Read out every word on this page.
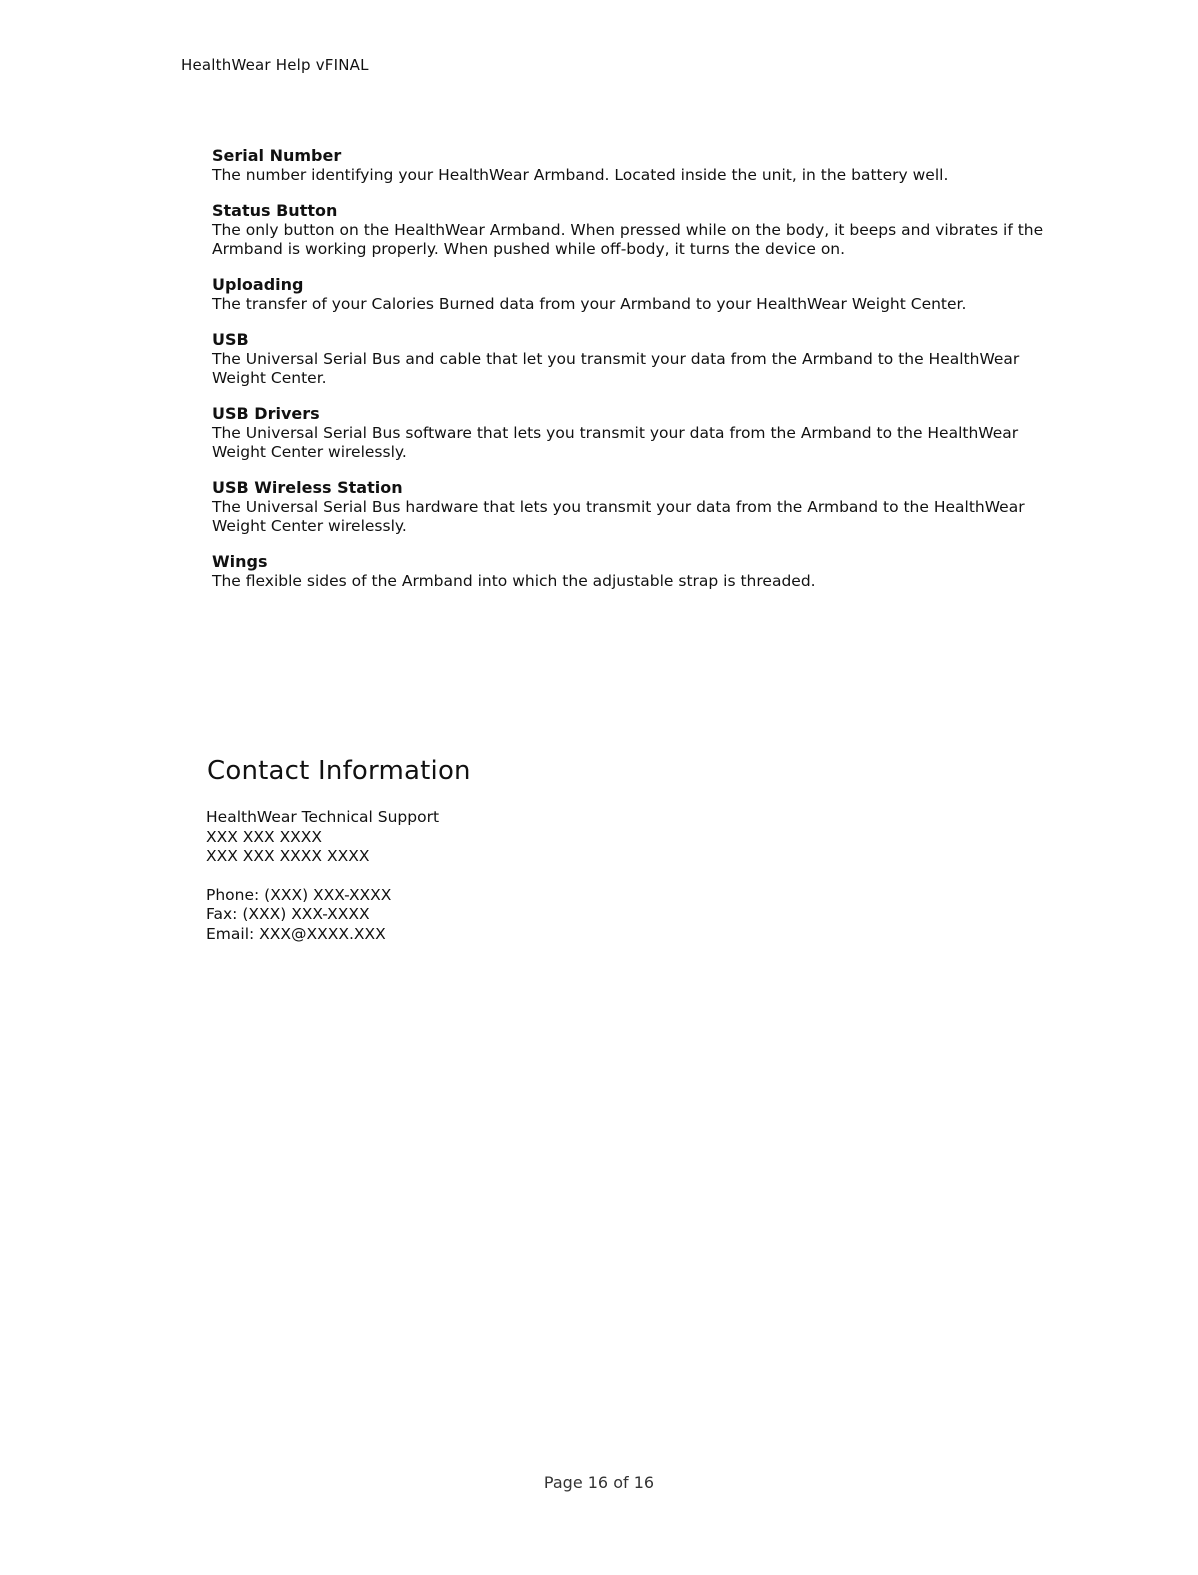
HealthWear Help vFINAL
Serial Number
The number identifying your HealthWear Armband. Located inside the unit, in the battery well.
Status Button
The only button on the HealthWear Armband. When pressed while on the body, it beeps and vibrates if the Armband is working properly. When pushed while off-body, it turns the device on.
Uploading
The transfer of your Calories Burned data from your Armband to your HealthWear Weight Center.
USB
The Universal Serial Bus and cable that let you transmit your data from the Armband to the HealthWear Weight Center.
USB Drivers
The Universal Serial Bus software that lets you transmit your data from the Armband to the HealthWear Weight Center wirelessly.
USB Wireless Station
The Universal Serial Bus hardware that lets you transmit your data from the Armband to the HealthWear Weight Center wirelessly.
Wings
The flexible sides of the Armband into which the adjustable strap is threaded.
Contact Information
HealthWear Technical Support
XXX XXX XXXX
XXX XXX XXXX XXXX
Phone: (XXX) XXX-XXXX
Fax: (XXX) XXX-XXXX
Email: XXX@XXXX.XXX
Page 16 of 16
